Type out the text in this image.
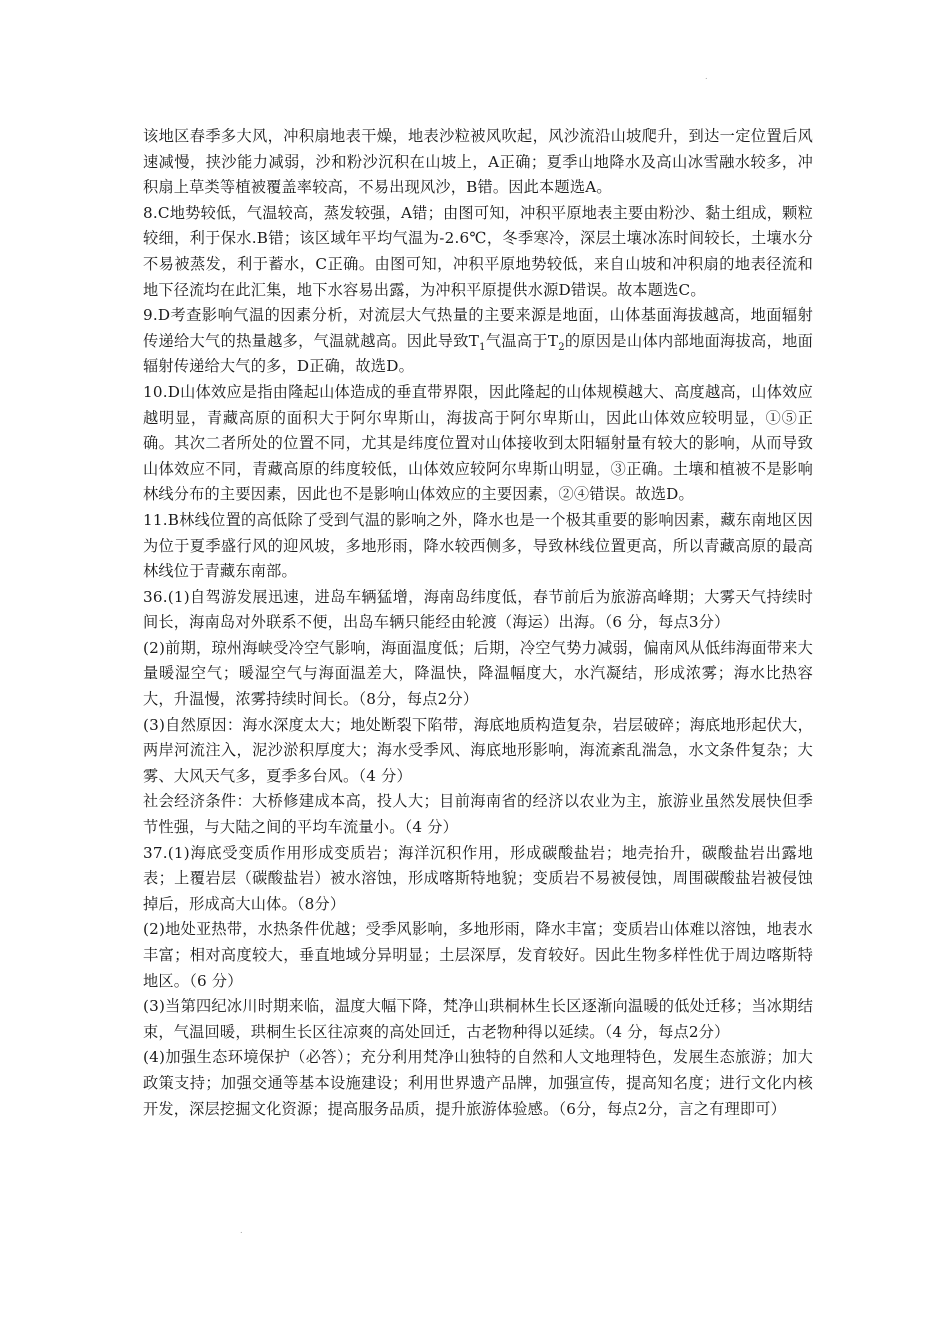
.

该地区春季多大风，冲积扇地表干燥，地表沙粒被风吹起，风沙流沿山坡爬升，到达一定位置后风速减慢，挟沙能力减弱，沙和粉沙沉积在山坡上，A正确；夏季山地降水及高山冰雪融水较多，冲积扇上草类等植被覆盖率较高，不易出现风沙，B错。因此本题选A。

8.C地势较低，气温较高，蒸发较强，A错；由图可知，冲积平原地表主要由粉沙、黏土组成，颗粒较细，利于保水.B错；该区域年平均气温为-2.6℃，冬季寒冷，深层土壤冰冻时间较长，土壤水分不易被蒸发，利于蓄水，C正确。由图可知，冲积平原地势较低，来自山坡和冲积扇的地表径流和地下径流均在此汇集，地下水容易出露，为冲积平原提供水源D错误。故本题选C。

9.D考查影响气温的因素分析，对流层大气热量的主要来源是地面，山体基面海拔越高，地面辐射传递给大气的热量越多，气温就越高。因此导致$T_1$气温高于$T_2$的原因是山体内部地面海拔高，地面辐射传递给大气的多，D正确，故选D。

10.D山体效应是指由隆起山体造成的垂直带界限，因此隆起的山体规模越大、高度越高，山体效应越明显，青藏高原的面积大于阿尔卑斯山，海拔高于阿尔卑斯山，因此山体效应较明显，①⑤正确。其次二者所处的位置不同，尤其是纬度位置对山体接收到太阳辐射量有较大的影响，从而导致山体效应不同，青藏高原的纬度较低，山体效应较阿尔卑斯山明显，③正确。土壤和植被不是影响林线分布的主要因素，因此也不是影响山体效应的主要因素，②④错误。故选D。

11.B林线位置的高低除了受到气温的影响之外，降水也是一个极其重要的影响因素，藏东南地区因为位于夏季盛行风的迎风坡，多地形雨，降水较西侧多，导致林线位置更高，所以青藏高原的最高林线位于青藏东南部。

36.(1)自驾游发展迅速，进岛车辆猛增，海南岛纬度低，春节前后为旅游高峰期；大雾天气持续时间长，海南岛对外联系不便，出岛车辆只能经由轮渡（海运）出海。（6 分，每点3分）

(2)前期，琼州海峡受冷空气影响，海面温度低；后期，冷空气势力减弱，偏南风从低纬海面带来大量暖湿空气；暖湿空气与海面温差大，降温快，降温幅度大，水汽凝结，形成浓雾；海水比热容大，升温慢，浓雾持续时间长。（8分，每点2分）

(3)自然原因：海水深度太大；地处断裂下陷带，海底地质构造复杂，岩层破碎；海底地形起伏大，两岸河流注入，泥沙淤积厚度大；海水受季风、海底地形影响，海流紊乱湍急，水文条件复杂；大雾、大风天气多，夏季多台风。（4 分）

社会经济条件：大桥修建成本高，投人大；目前海南省的经济以农业为主，旅游业虽然发展快但季节性强，与大陆之间的平均车流量小。（4 分）

37.(1)海底受变质作用形成变质岩；海洋沉积作用，形成碳酸盐岩；地壳抬升，碳酸盐岩出露地表；上覆岩层（碳酸盐岩）被水溶蚀，形成喀斯特地貌；变质岩不易被侵蚀，周围碳酸盐岩被侵蚀掉后，形成高大山体。（8分）

(2)地处亚热带，水热条件优越；受季风影响，多地形雨，降水丰富；变质岩山体难以溶蚀，地表水丰富；相对高度较大，垂直地域分异明显；土层深厚，发育较好。因此生物多样性优于周边喀斯特地区。（6 分）

(3)当第四纪冰川时期来临，温度大幅下降，梵净山珙桐林生长区逐渐向温暖的低处迁移；当冰期结束，气温回暖，珙桐生长区往凉爽的高处回迁，古老物种得以延续。（4 分，每点2分）

(4)加强生态环境保护（必答）；充分利用梵净山独特的自然和人文地理特色，发展生态旅游；加大政策支持；加强交通等基本设施建设；利用世界遗产品牌，加强宣传，提高知名度；进行文化内核开发，深层挖掘文化资源；提高服务品质，提升旅游体验感。（6分，每点2分，言之有理即可）

.
